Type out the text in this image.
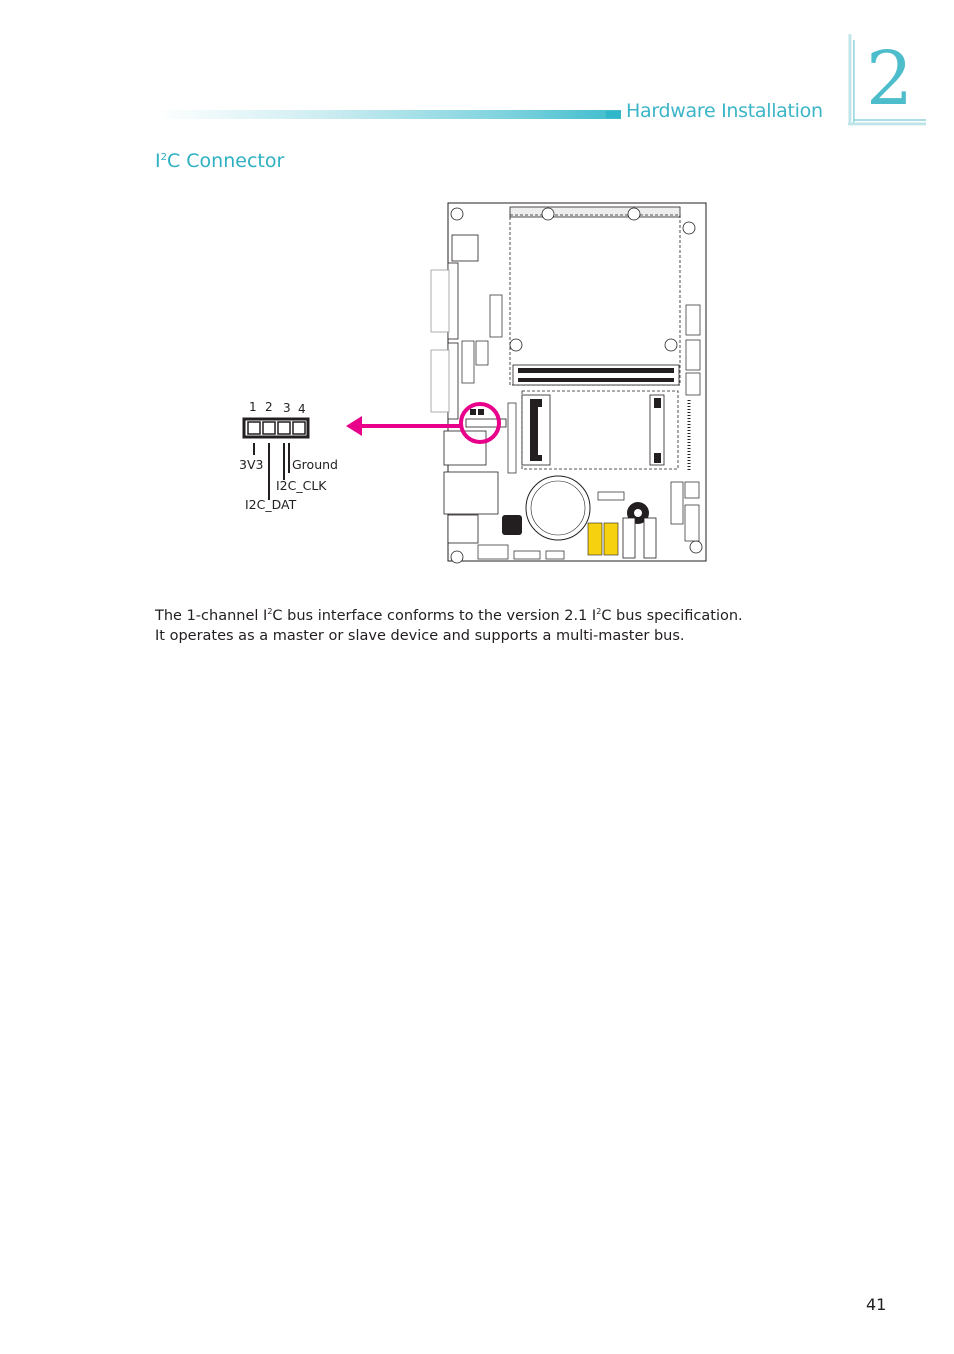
Hardware Installation 2
$I^2C$ Connector
1 2 3 4
3V3 Ground
I2C_CLK
I2C_DAT
The 1-channel $I^2C$ bus interface conforms to the version 2.1 $I^2C$ bus specification.
It operates as a master or slave device and supports a multi-master bus.
41
